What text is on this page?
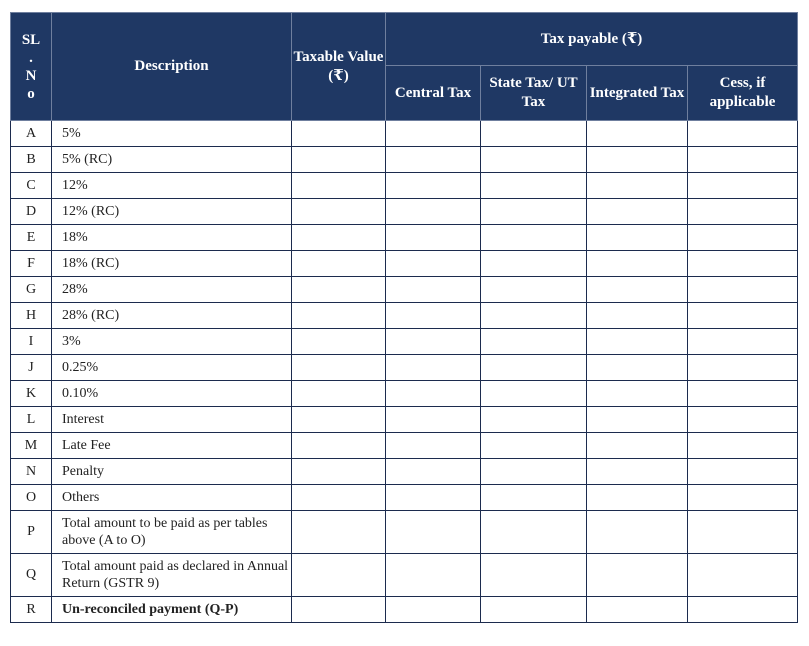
SL
.
N
o	Description	Taxable Value (₹)	Tax payable (₹)			
			Central Tax	State Tax/ UT Tax	Integrated Tax	Cess, if applicable
A	5%					
B	5% (RC)					
C	12%					
D	12% (RC)					
E	18%					
F	18% (RC)					
G	28%					
H	28% (RC)					
I	3%					
J	0.25%					
K	0.10%					
L	Interest					
M	Late Fee					
N	Penalty					
O	Others					
P	Total amount to be paid as per tables above (A to O)					
Q	Total amount paid as declared in Annual Return (GSTR 9)					
R	Un-reconciled payment (Q-P)					
